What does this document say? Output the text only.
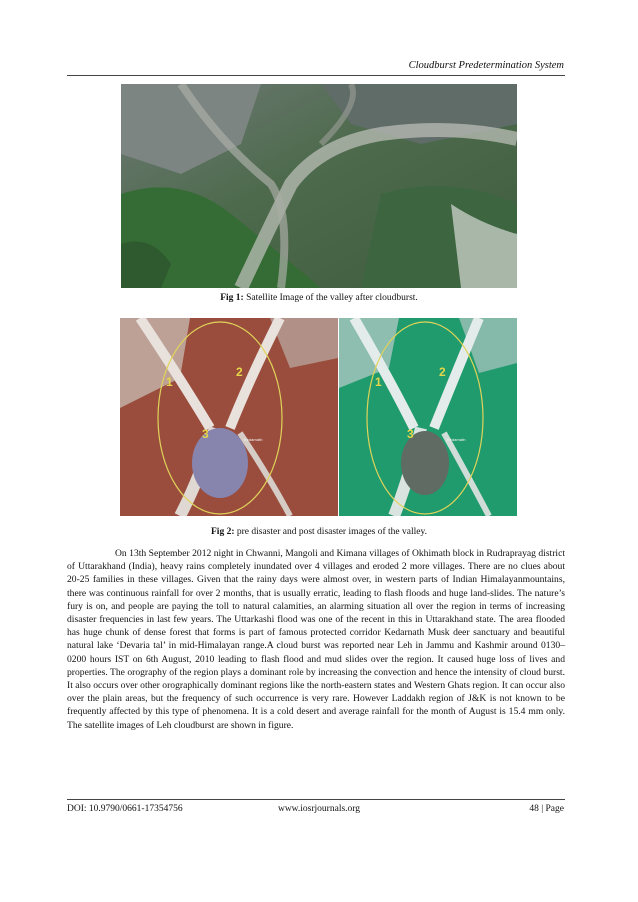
Cloudburst Predetermination System
Fig 1: Satellite Image of the valley after cloudburst.
1
2
3	Kedarnath
1
2
3	Kedarnath
Fig 2: pre disaster and post disaster images of the valley.

On 13th September 2012 night in Chwanni, Mangoli and Kimana villages of Okhimath block in Rudraprayag district of Uttarakhand (India), heavy rains completely inundated over 4 villages and eroded 2 more villages. There are no clues about 20-25 families in these villages. Given that the rainy days were almost over, in western parts of Indian Himalayanmountains, there was continuous rainfall for over 2 months, that is usually erratic, leading to flash floods and huge land-slides. The nature’s fury is on, and people are paying the toll to natural calamities, an alarming situation all over the region in terms of increasing disaster frequencies in last few years. The Uttarkashi flood was one of the recent in this in Uttarakhand state. The area flooded has huge chunk of dense forest that forms is part of famous protected corridor Kedarnath Musk deer sanctuary and beautiful natural lake ‘Devaria tal’ in mid-Himalayan range.A cloud burst was reported near Leh in Jammu and Kashmir around 0130–0200 hours IST on 6th August, 2010 leading to flash flood and mud slides over the region. It caused huge loss of lives and properties. The orography of the region plays a dominant role by increasing the convection and hence the intensity of cloud burst. It also occurs over other orographically dominant regions like the north-eastern states and Western Ghats region. It can occur also over the plain areas, but the frequency of such occurrence is very rare. However Laddakh region of J&K is not known to be frequently affected by this type of phenomena. It is a cold desert and average rainfall for the month of August is 15.4 mm only. The satellite images of Leh cloudburst are shown in figure.

DOI: 10.9790/0661-17354756	www.iosrjournals.org	48 | Page
